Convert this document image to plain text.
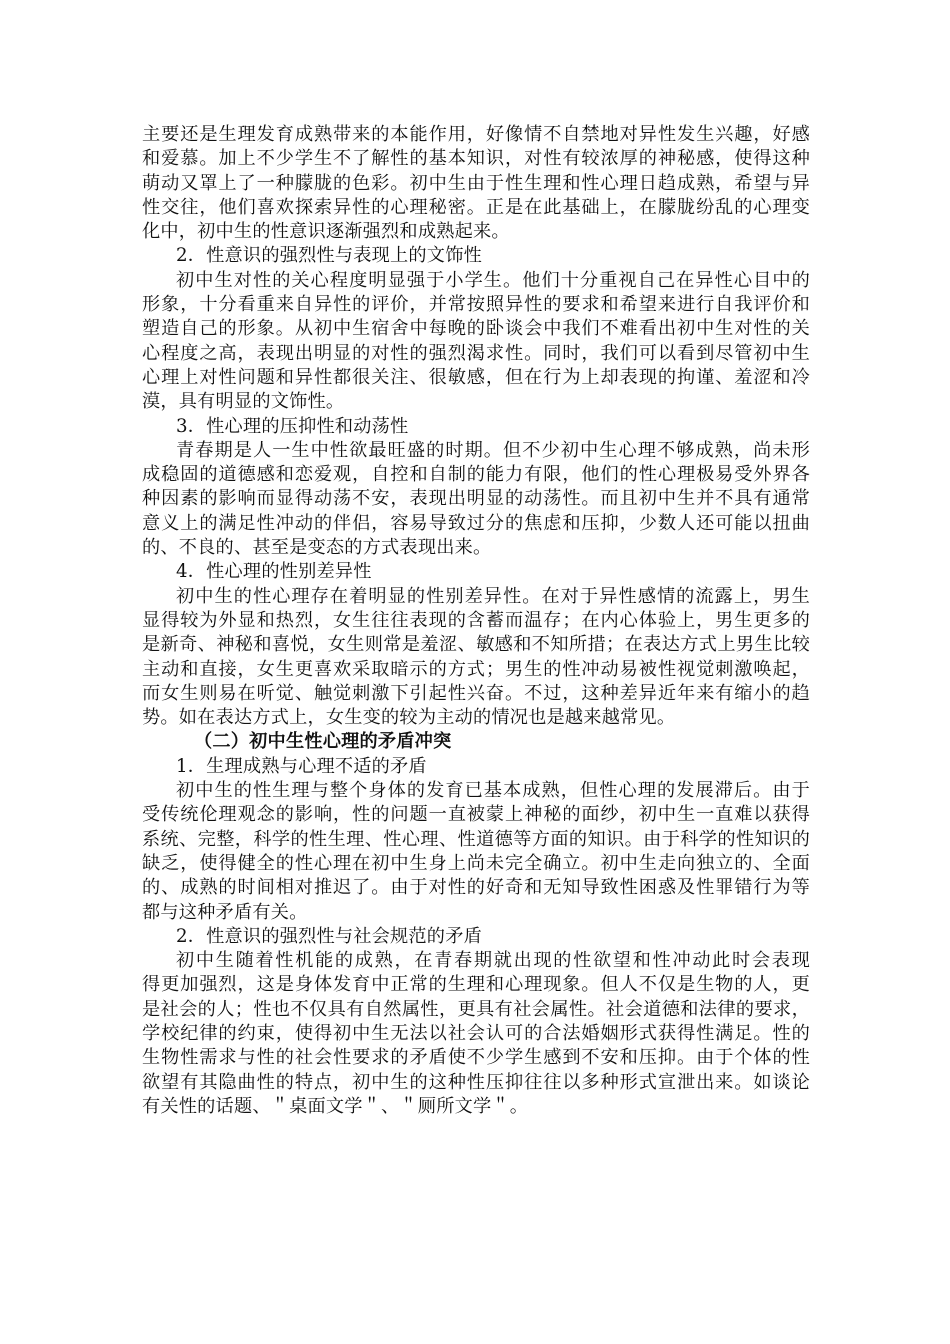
主要还是生理发育成熟带来的本能作用，好像情不自禁地对异性发生兴趣，好感
和爱慕。加上不少学生不了解性的基本知识，对性有较浓厚的神秘感，使得这种
萌动又罩上了一种朦胧的色彩。初中生由于性生理和性心理日趋成熟，希望与异
性交往，他们喜欢探索异性的心理秘密。正是在此基础上，在朦胧纷乱的心理变
化中，初中生的性意识逐渐强烈和成熟起来。
2．性意识的强烈性与表现上的文饰性
初中生对性的关心程度明显强于小学生。他们十分重视自己在异性心目中的
形象，十分看重来自异性的评价，并常按照异性的要求和希望来进行自我评价和
塑造自己的形象。从初中生宿舍中每晚的卧谈会中我们不难看出初中生对性的关
心程度之高，表现出明显的对性的强烈渴求性。同时，我们可以看到尽管初中生
心理上对性问题和异性都很关注、很敏感，但在行为上却表现的拘谨、羞涩和冷
漠，具有明显的文饰性。
3．性心理的压抑性和动荡性
青春期是人一生中性欲最旺盛的时期。但不少初中生心理不够成熟，尚未形
成稳固的道德感和恋爱观，自控和自制的能力有限，他们的性心理极易受外界各
种因素的影响而显得动荡不安，表现出明显的动荡性。而且初中生并不具有通常
意义上的满足性冲动的伴侣，容易导致过分的焦虑和压抑，少数人还可能以扭曲
的、不良的、甚至是变态的方式表现出来。
4．性心理的性别差异性
初中生的性心理存在着明显的性别差异性。在对于异性感情的流露上，男生
显得较为外显和热烈，女生往往表现的含蓄而温存；在内心体验上，男生更多的
是新奇、神秘和喜悦，女生则常是羞涩、敏感和不知所措；在表达方式上男生比较
主动和直接，女生更喜欢采取暗示的方式；男生的性冲动易被性视觉刺激唤起，
而女生则易在听觉、触觉刺激下引起性兴奋。不过，这种差异近年来有缩小的趋
势。如在表达方式上，女生变的较为主动的情况也是越来越常见。
（二）初中生性心理的矛盾冲突
1．生理成熟与心理不适的矛盾
初中生的性生理与整个身体的发育已基本成熟，但性心理的发展滞后。由于
受传统伦理观念的影响，性的问题一直被蒙上神秘的面纱，初中生一直难以获得
系统、完整，科学的性生理、性心理、性道德等方面的知识。由于科学的性知识的
缺乏，使得健全的性心理在初中生身上尚未完全确立。初中生走向独立的、全面
的、成熟的时间相对推迟了。由于对性的好奇和无知导致性困惑及性罪错行为等
都与这种矛盾有关。
2．性意识的强烈性与社会规范的矛盾
初中生随着性机能的成熟，在青春期就出现的性欲望和性冲动此时会表现
得更加强烈，这是身体发育中正常的生理和心理现象。但人不仅是生物的人，更
是社会的人；性也不仅具有自然属性，更具有社会属性。社会道德和法律的要求，
学校纪律的约束，使得初中生无法以社会认可的合法婚姻形式获得性满足。性的
生物性需求与性的社会性要求的矛盾使不少学生感到不安和压抑。由于个体的性
欲望有其隐曲性的特点，初中生的这种性压抑往往以多种形式宣泄出来。如谈论
有关性的话题、＂桌面文学＂、＂厕所文学＂。
